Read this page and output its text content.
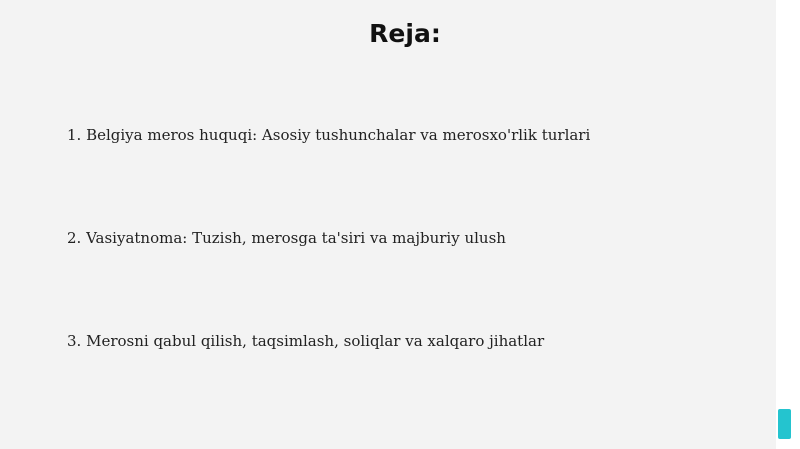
Reja:
1. Belgiya meros huquqi: Asosiy tushunchalar va merosxo'rlik turlari
2. Vasiyatnoma: Tuzish, merosga ta'siri va majburiy ulush
3. Merosni qabul qilish, taqsimlash, soliqlar va xalqaro jihatlar
